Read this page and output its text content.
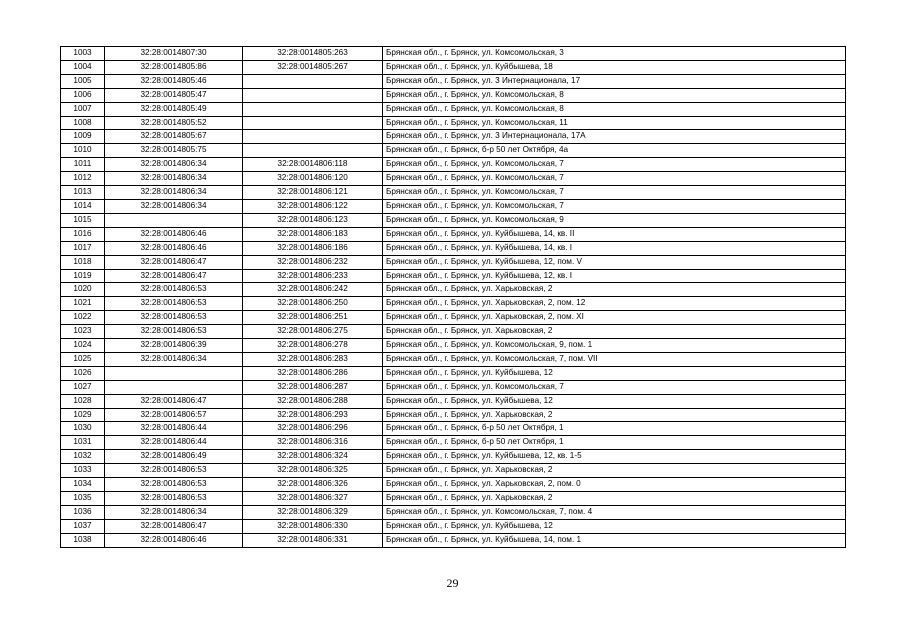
1003	32:28:0014807:30	32:28:0014805:263	Брянская обл., г. Брянск, ул. Комсомольская, 3
1004	32:28:0014805:86	32:28:0014805:267	Брянская обл., г. Брянск, ул. Куйбышева, 18
1005	32:28:0014805:46		Брянская обл., г. Брянск, ул. 3 Интернационала, 17
1006	32:28:0014805:47		Брянская обл., г. Брянск, ул. Комсомольская, 8
1007	32:28:0014805:49		Брянская обл., г. Брянск, ул. Комсомольская, 8
1008	32:28:0014805:52		Брянская обл., г. Брянск, ул. Комсомольская, 11
1009	32:28:0014805:67		Брянская обл., г. Брянск, ул. 3 Интернационала, 17А
1010	32:28:0014805:75		Брянская обл., г. Брянск, б-р 50 лет Октября, 4а
1011	32:28:0014806:34	32:28:0014806:118	Брянская обл., г. Брянск, ул. Комсомольская, 7
1012	32:28:0014806:34	32:28:0014806:120	Брянская обл., г. Брянск, ул. Комсомольская, 7
1013	32:28:0014806:34	32:28:0014806:121	Брянская обл., г. Брянск, ул. Комсомольская, 7
1014	32:28:0014806:34	32:28:0014806:122	Брянская обл., г. Брянск, ул. Комсомольская, 7
1015		32:28:0014806:123	Брянская обл., г. Брянск, ул. Комсомольская, 9
1016	32:28:0014806:46	32:28:0014806:183	Брянская обл., г. Брянск, ул. Куйбышева, 14, кв. II
1017	32:28:0014806:46	32:28:0014806:186	Брянская обл., г. Брянск, ул. Куйбышева, 14, кв. I
1018	32:28:0014806:47	32:28:0014806:232	Брянская обл., г. Брянск, ул. Куйбышева, 12, пом. V
1019	32:28:0014806:47	32:28:0014806:233	Брянская обл., г. Брянск, ул. Куйбышева, 12, кв. I
1020	32:28:0014806:53	32:28:0014806:242	Брянская обл., г. Брянск, ул. Харьковская, 2
1021	32:28:0014806:53	32:28:0014806:250	Брянская обл., г. Брянск, ул. Харьковская, 2, пом. 12
1022	32:28:0014806:53	32:28:0014806:251	Брянская обл., г. Брянск, ул. Харьковская, 2, пом. XI
1023	32:28:0014806:53	32:28:0014806:275	Брянская обл., г. Брянск, ул. Харьковская, 2
1024	32:28:0014806:39	32:28:0014806:278	Брянская обл., г. Брянск, ул. Комсомольская, 9, пом. 1
1025	32:28:0014806:34	32:28:0014806:283	Брянская обл., г. Брянск, ул. Комсомольская, 7, пом. VII
1026		32:28:0014806:286	Брянская обл., г. Брянск, ул. Куйбышева, 12
1027		32:28:0014806:287	Брянская обл., г. Брянск, ул. Комсомольская, 7
1028	32:28:0014806:47	32:28:0014806:288	Брянская обл., г. Брянск, ул. Куйбышева, 12
1029	32:28:0014806:57	32:28:0014806:293	Брянская обл., г. Брянск, ул. Харьковская, 2
1030	32:28:0014806:44	32:28:0014806:296	Брянская обл., г. Брянск, б-р 50 лет Октября, 1
1031	32:28:0014806:44	32:28:0014806:316	Брянская обл., г. Брянск, б-р 50 лет Октября, 1
1032	32:28:0014806:49	32:28:0014806:324	Брянская обл., г. Брянск, ул. Куйбышева, 12, кв. 1-5
1033	32:28:0014806:53	32:28:0014806:325	Брянская обл., г. Брянск, ул. Харьковская, 2
1034	32:28:0014806:53	32:28:0014806:326	Брянская обл., г. Брянск, ул. Харьковская, 2, пом. 0
1035	32:28:0014806:53	32:28:0014806:327	Брянская обл., г. Брянск, ул. Харьковская, 2
1036	32:28:0014806:34	32:28:0014806:329	Брянская обл., г. Брянск, ул. Комсомольская, 7, пом. 4
1037	32:28:0014806:47	32:28:0014806:330	Брянская обл., г. Брянск, ул. Куйбышева, 12
1038	32:28:0014806:46	32:28:0014806:331	Брянская обл., г. Брянск, ул. Куйбышева, 14, пом. 1
29
